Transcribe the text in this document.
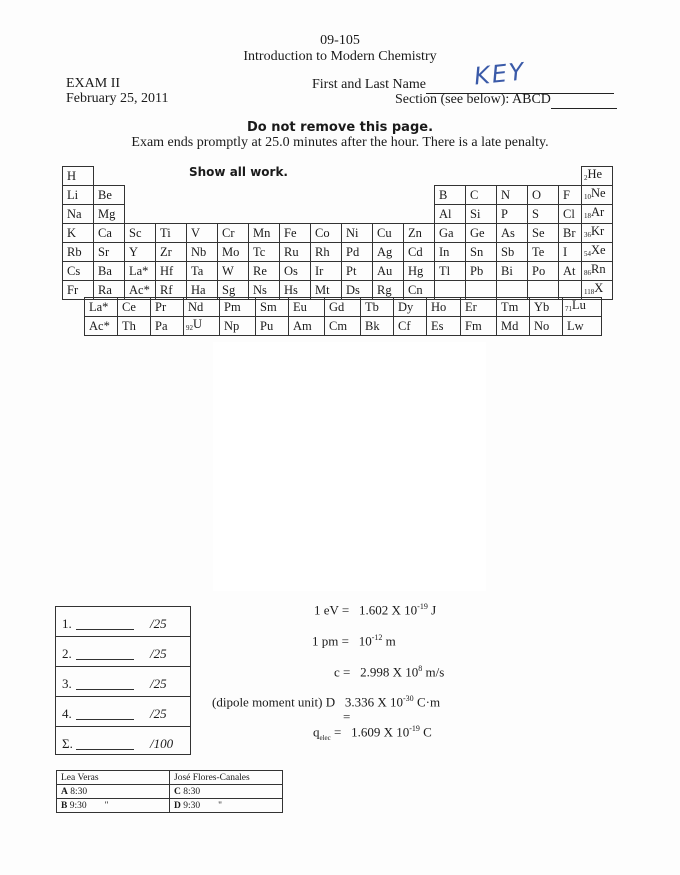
09-105
Introduction to Modern Chemistry
EXAM II
February 25, 2011
First and Last Name	KEY
Section (see below): ABCD
Do not remove this page.
Exam ends promptly at 25.0 minutes after the hour. There is a late penalty.
H																	$_2$He
Li	Be											B	C	N	O	F	$_{10}$Ne
Na	Mg											Al	Si	P	S	Cl	$_{18}$Ar
K	Ca	Sc	Ti	V	Cr	Mn	Fe	Co	Ni	Cu	Zn	Ga	Ge	As	Se	Br	$_{36}$Kr
Rb	Sr	Y	Zr	Nb	Mo	Tc	Ru	Rh	Pd	Ag	Cd	In	Sn	Sb	Te	I	$_{54}$Xe
Cs	Ba	La*	Hf	Ta	W	Re	Os	Ir	Pt	Au	Hg	Tl	Pb	Bi	Po	At	$_{86}$Rn
Fr	Ra	Ac*	Rf	Ha	Sg	Ns	Hs	Mt	Ds	Rg	Cn						$_{118}$X
Show all work.
La*	Ce	Pr	Nd	Pm	Sm	Eu	Gd	Tb	Dy	Ho	Er	Tm	Yb	$_{71}$Lu
Ac*	Th	Pa	$_{92}$U	Np	Pu	Am	Cm	Bk	Cf	Es	Fm	Md	No	Lw
1.	/25
2.	/25
3.	/25
4.	/25
Σ.	/100
1 eV = 1.602 X $10^{-19}$ J
1 pm = $10^{-12}$ m
c = 2.998 X $10^8$ m/s
(dipole moment unit) D 3.336 X $10^{-30}$ C·m
=
$q_{elec} = 1.609$ X $10^{-19}$ C
Lea Veras	José Flores-Canales
A 8:30	C 8:30
B 9:30 "	D 9:30 "
